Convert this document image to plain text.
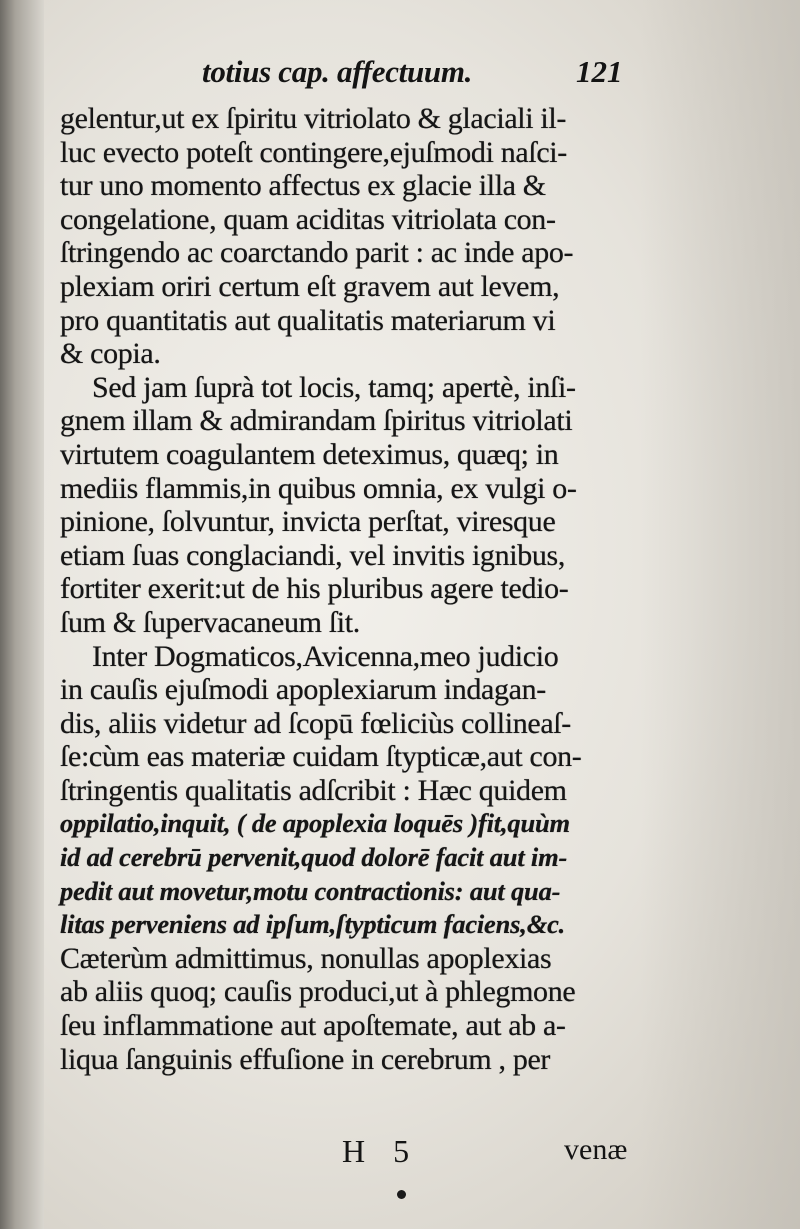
totius cap. affectuum.	121
gelentur,ut ex ſpiritu vitriolato & glaciali il-
luc evecto poteſt contingere,ejuſmodi naſci-
tur uno momento affectus ex glacie illa &
congelatione, quam aciditas vitriolata con-
ſtringendo ac coarctando parit : ac inde apo-
plexiam oriri certum eſt gravem aut levem,
pro quantitatis aut qualitatis materiarum vi
& copia.
Sed jam ſuprà tot locis, tamq; apertè, inſi-
gnem illam & admirandam ſpiritus vitriolati
virtutem coagulantem deteximus, quæq; in
mediis flammis,in quibus omnia, ex vulgi o-
pinione, ſolvuntur, invicta perſtat, viresque
etiam ſuas conglaciandi, vel invitis ignibus,
fortiter exerit:ut de his pluribus agere tedio-
ſum & ſupervacaneum ſit.
Inter Dogmaticos,Avicenna,meo judicio
in cauſis ejuſmodi apoplexiarum indagan-
dis, aliis videtur ad ſcopū fœliciùs collineaſ-
ſe:cùm eas materiæ cuidam ſtypticæ,aut con-
ſtringentis qualitatis adſcribit : Hæc quidem
oppilatio,inquit, ( de apoplexia loquēs )fit,quùm
id ad cerebrū pervenit,quod dolorē facit aut im-
pedit aut movetur,motu contractionis: aut qua-
litas perveniens ad ipſum,ſtypticum faciens,&c.
Cæterùm admittimus, nonullas apoplexias
ab aliis quoq; cauſis produci,ut à phlegmone
ſeu inflammatione aut apoſtemate, aut ab a-
liqua ſanguinis effuſione in cerebrum , per
H 5	venæ
